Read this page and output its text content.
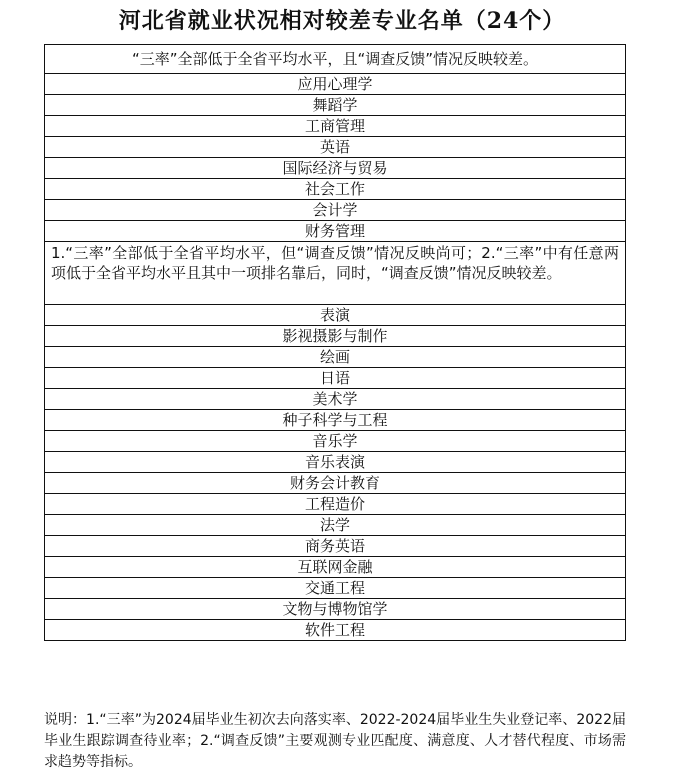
河北省就业状况相对较差专业名单（24个）
“三率”全部低于全省平均水平，且“调查反馈”情况反映较差。
应用心理学
舞蹈学
工商管理
英语
国际经济与贸易
社会工作
会计学
财务管理

1.“三率”全部低于全省平均水平，但“调查反馈”情况反映尚可；2.“三率”中有任意两项低于全省平均水平且其中一项排名靠后，同时，“调查反馈”情况反映较差。

表演
影视摄影与制作
绘画
日语
美术学
种子科学与工程
音乐学
音乐表演
财务会计教育
工程造价
法学
商务英语
互联网金融
交通工程
文物与博物馆学
软件工程
说明：1.“三率”为2024届毕业生初次去向落实率、2022-2024届毕业生失业登记率、2022届毕业生跟踪调查待业率；2.“调查反馈”主要观测专业匹配度、满意度、人才替代程度、市场需求趋势等指标。
